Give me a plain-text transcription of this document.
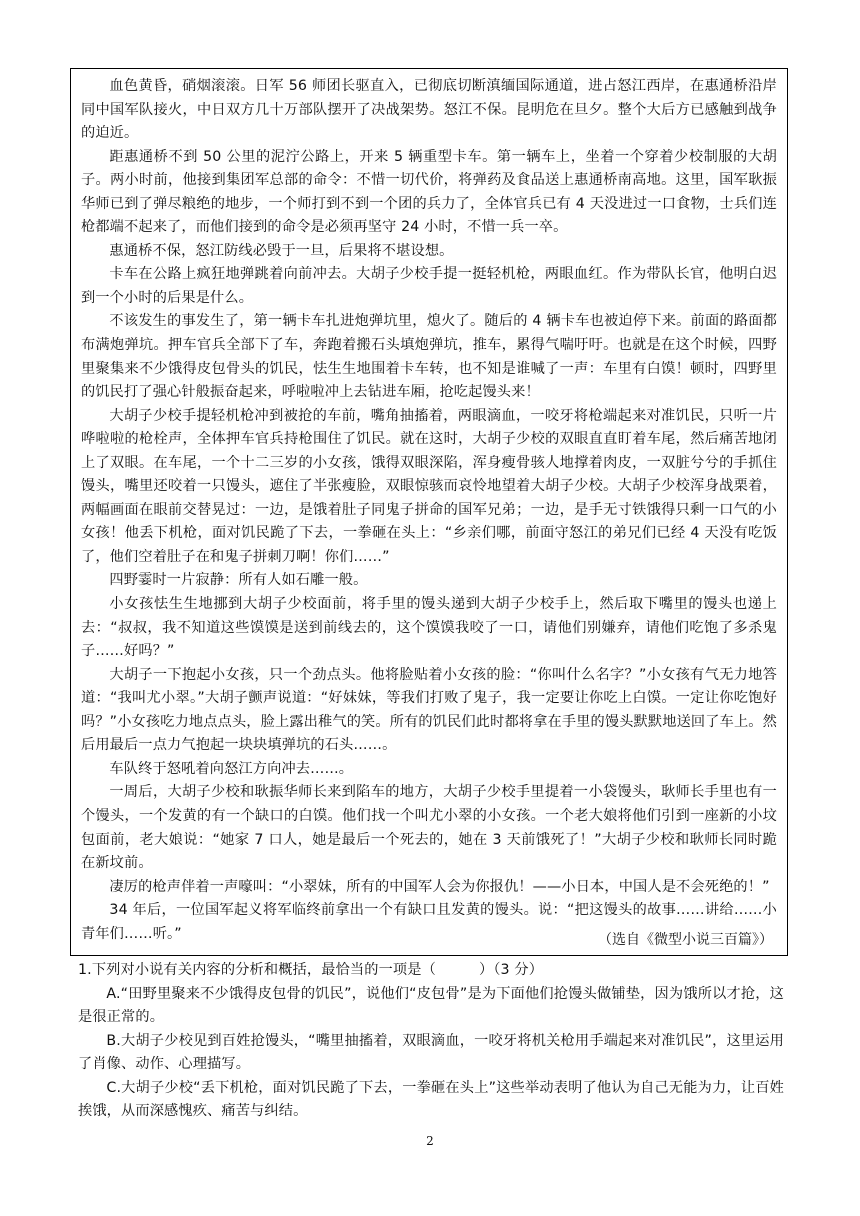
血色黄昏，硝烟滚滚。日军 56 师团长驱直入，已彻底切断滇缅国际通道，进占怒江西岸，在惠通桥沿岸同中国军队接火，中日双方几十万部队摆开了决战架势。怒江不保。昆明危在旦夕。整个大后方已感触到战争的迫近。

距惠通桥不到 50 公里的泥泞公路上，开来 5 辆重型卡车。第一辆车上，坐着一个穿着少校制服的大胡子。两小时前，他接到集团军总部的命令：不惜一切代价，将弹药及食品送上惠通桥南高地。这里，国军耿振华师已到了弹尽粮绝的地步，一个师打到不到一个团的兵力了，全体官兵已有 4 天没进过一口食物，士兵们连枪都端不起来了，而他们接到的命令是必须再坚守 24 小时，不惜一兵一卒。

惠通桥不保，怒江防线必毁于一旦，后果将不堪设想。

卡车在公路上疯狂地弹跳着向前冲去。大胡子少校手提一挺轻机枪，两眼血红。作为带队长官，他明白迟到一个小时的后果是什么。

不该发生的事发生了，第一辆卡车扎进炮弹坑里，熄火了。随后的 4 辆卡车也被迫停下来。前面的路面都布满炮弹坑。押车官兵全部下了车，奔跑着搬石头填炮弹坑，推车，累得气喘吁吁。也就是在这个时候，四野里聚集来不少饿得皮包骨头的饥民，怯生生地围着卡车转，也不知是谁喊了一声：车里有白馍！顿时，四野里的饥民打了强心针般振奋起来，呼啦啦冲上去钻进车厢，抢吃起馒头来！

大胡子少校手提轻机枪冲到被抢的车前，嘴角抽搐着，两眼滴血，一咬牙将枪端起来对准饥民，只听一片哗啦啦的枪栓声，全体押车官兵持枪围住了饥民。就在这时，大胡子少校的双眼直直盯着车尾，然后痛苦地闭上了双眼。在车尾，一个十二三岁的小女孩，饿得双眼深陷，浑身瘦骨骇人地撑着肉皮，一双脏兮兮的手抓住馒头，嘴里还咬着一只馒头，遮住了半张瘦脸，双眼惊骇而哀怜地望着大胡子少校。大胡子少校浑身战栗着，两幅画面在眼前交替晃过：一边，是饿着肚子同鬼子拼命的国军兄弟；一边，是手无寸铁饿得只剩一口气的小女孩！他丢下机枪，面对饥民跪了下去，一拳砸在头上：“乡亲们哪，前面守怒江的弟兄们已经 4 天没有吃饭了，他们空着肚子在和鬼子拼刺刀啊！你们……”

四野霎时一片寂静：所有人如石雕一般。

小女孩怯生生地挪到大胡子少校面前，将手里的馒头递到大胡子少校手上，然后取下嘴里的馒头也递上去：“叔叔，我不知道这些馍馍是送到前线去的，这个馍馍我咬了一口，请他们别嫌弃，请他们吃饱了多杀鬼子……好吗？”

大胡子一下抱起小女孩，只一个劲点头。他将脸贴着小女孩的脸：“你叫什么名字？”小女孩有气无力地答道：“我叫尤小翠。”大胡子颤声说道：“好妹妹，等我们打败了鬼子，我一定要让你吃上白馍。一定让你吃饱好吗？”小女孩吃力地点点头，脸上露出稚气的笑。所有的饥民们此时都将拿在手里的馒头默默地送回了车上。然后用最后一点力气抱起一块块填弹坑的石头……。

车队终于怒吼着向怒江方向冲去……。

一周后，大胡子少校和耿振华师长来到陷车的地方，大胡子少校手里提着一小袋馒头，耿师长手里也有一个馒头，一个发黄的有一个缺口的白馍。他们找一个叫尤小翠的小女孩。一个老大娘将他们引到一座新的小坟包面前，老大娘说：“她家 7 口人，她是最后一个死去的，她在 3 天前饿死了！”大胡子少校和耿师长同时跪在新坟前。

凄厉的枪声伴着一声嚎叫：“小翠妹，所有的中国军人会为你报仇！——小日本，中国人是不会死绝的！”

34 年后，一位国军起义将军临终前拿出一个有缺口且发黄的馒头。说：“把这馒头的故事……讲给……小青年们……听。”	（选自《微型小说三百篇》）

1.下列对小说有关内容的分析和概括，最恰当的一项是（　　　）（3 分）

A.“田野里聚来不少饿得皮包骨的饥民”，说他们“皮包骨”是为下面他们抢馒头做铺垫，因为饿所以才抢，这是很正常的。

B.大胡子少校见到百姓抢馒头，“嘴里抽搐着，双眼滴血，一咬牙将机关枪用手端起来对准饥民”，这里运用了肖像、动作、心理描写。

C.大胡子少校“丢下机枪，面对饥民跪了下去，一拳砸在头上”这些举动表明了他认为自己无能为力，让百姓挨饿，从而深感愧疚、痛苦与纠结。

2
